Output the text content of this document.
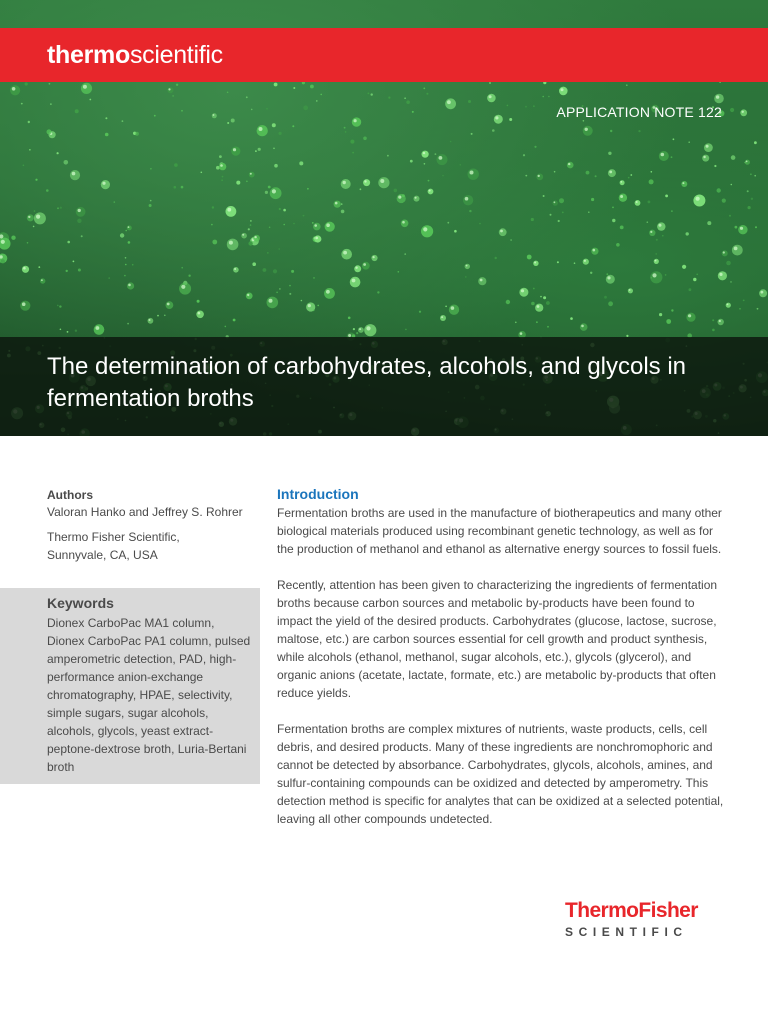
thermoscientific
APPLICATION NOTE 122
The determination of carbohydrates, alcohols, and glycols in fermentation broths
Authors
Valoran Hanko and Jeffrey S. Rohrer
Thermo Fisher Scientific,
Sunnyvale, CA, USA
Keywords
Dionex CarboPac MA1 column, Dionex CarboPac PA1 column, pulsed amperometric detection, PAD, high-performance anion-exchange chromatography, HPAE, selectivity, simple sugars, sugar alcohols, alcohols, glycols, yeast extract-peptone-dextrose broth, Luria-Bertani broth
Introduction

Fermentation broths are used in the manufacture of biotherapeutics and many other biological materials produced using recombinant genetic technology, as well as for the production of methanol and ethanol as alternative energy sources to fossil fuels.

Recently, attention has been given to characterizing the ingredients of fermentation broths because carbon sources and metabolic by-products have been found to impact the yield of the desired products. Carbohydrates (glucose, lactose, sucrose, maltose, etc.) are carbon sources essential for cell growth and product synthesis, while alcohols (ethanol, methanol, sugar alcohols, etc.), glycols (glycerol), and organic anions (acetate, lactate, formate, etc.) are metabolic by-products that often reduce yields.

Fermentation broths are complex mixtures of nutrients, waste products, cells, cell debris, and desired products. Many of these ingredients are nonchromophoric and cannot be detected by absorbance. Carbohydrates, glycols, alcohols, amines, and sulfur-containing compounds can be oxidized and detected by amperometry. This detection method is specific for analytes that can be oxidized at a selected potential, leaving all other compounds undetected.

ThermoFisher
SCIENTIFIC
